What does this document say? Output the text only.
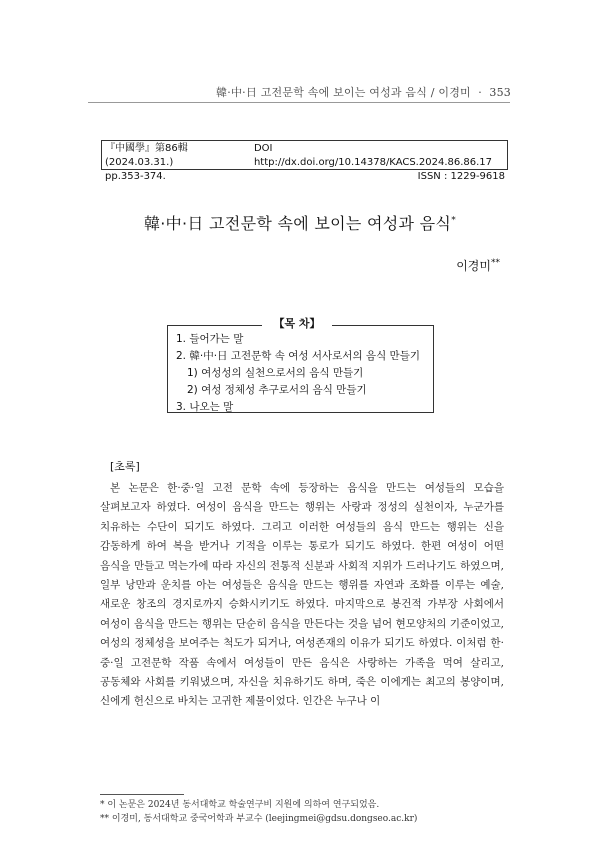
韓·中·日 고전문학 속에 보이는 여성과 음식 / 이경미 · 353
『中國學』第86輯 (2024.03.31.)
DOI http://dx.doi.org/10.14378/KACS.2024.86.86.17
pp.353-374.	ISSN : 1229-9618
韓·中·日 고전문학 속에 보이는 여성과 음식*
이경미**
【목 차】
1. 들어가는 말
2. 韓·中·日 고전문학 속 여성 서사로서의 음식 만들기
1) 여성성의 실천으로서의 음식 만들기
2) 여성 정체성 추구로서의 음식 만들기
3. 나오는 말
[초록]

본 논문은 한·중·일 고전 문학 속에 등장하는 음식을 만드는 여성들의 모습을 살펴보고자 하였다. 여성이 음식을 만드는 행위는 사랑과 정성의 실천이자, 누군가를 치유하는 수단이 되기도 하였다. 그리고 이러한 여성들의 음식 만드는 행위는 신을 감동하게 하여 복을 받거나 기적을 이루는 통로가 되기도 하였다. 한편 여성이 어떤 음식을 만들고 먹는가에 따라 자신의 전통적 신분과 사회적 지위가 드러나기도 하였으며, 일부 낭만과 운치를 아는 여성들은 음식을 만드는 행위를 자연과 조화를 이루는 예술, 새로운 창조의 경지로까지 승화시키기도 하였다. 마지막으로 봉건적 가부장 사회에서 여성이 음식을 만드는 행위는 단순히 음식을 만든다는 것을 넘어 현모양처의 기준이었고, 여성의 정체성을 보여주는 척도가 되거나, 여성존재의 이유가 되기도 하였다. 이처럼 한·중·일 고전문학 작품 속에서 여성들이 만든 음식은 사랑하는 가족을 먹여 살리고, 공동체와 사회를 키워냈으며, 자신을 치유하기도 하며, 죽은 이에게는 최고의 봉양이며, 신에게 헌신으로 바치는 고귀한 제물이었다. 인간은 누구나 이

* 이 논문은 2024년 동서대학교 학술연구비 지원에 의하여 연구되었음.
** 이경미, 동서대학교 중국어학과 부교수 (leejingmei@gdsu.dongseo.ac.kr)
